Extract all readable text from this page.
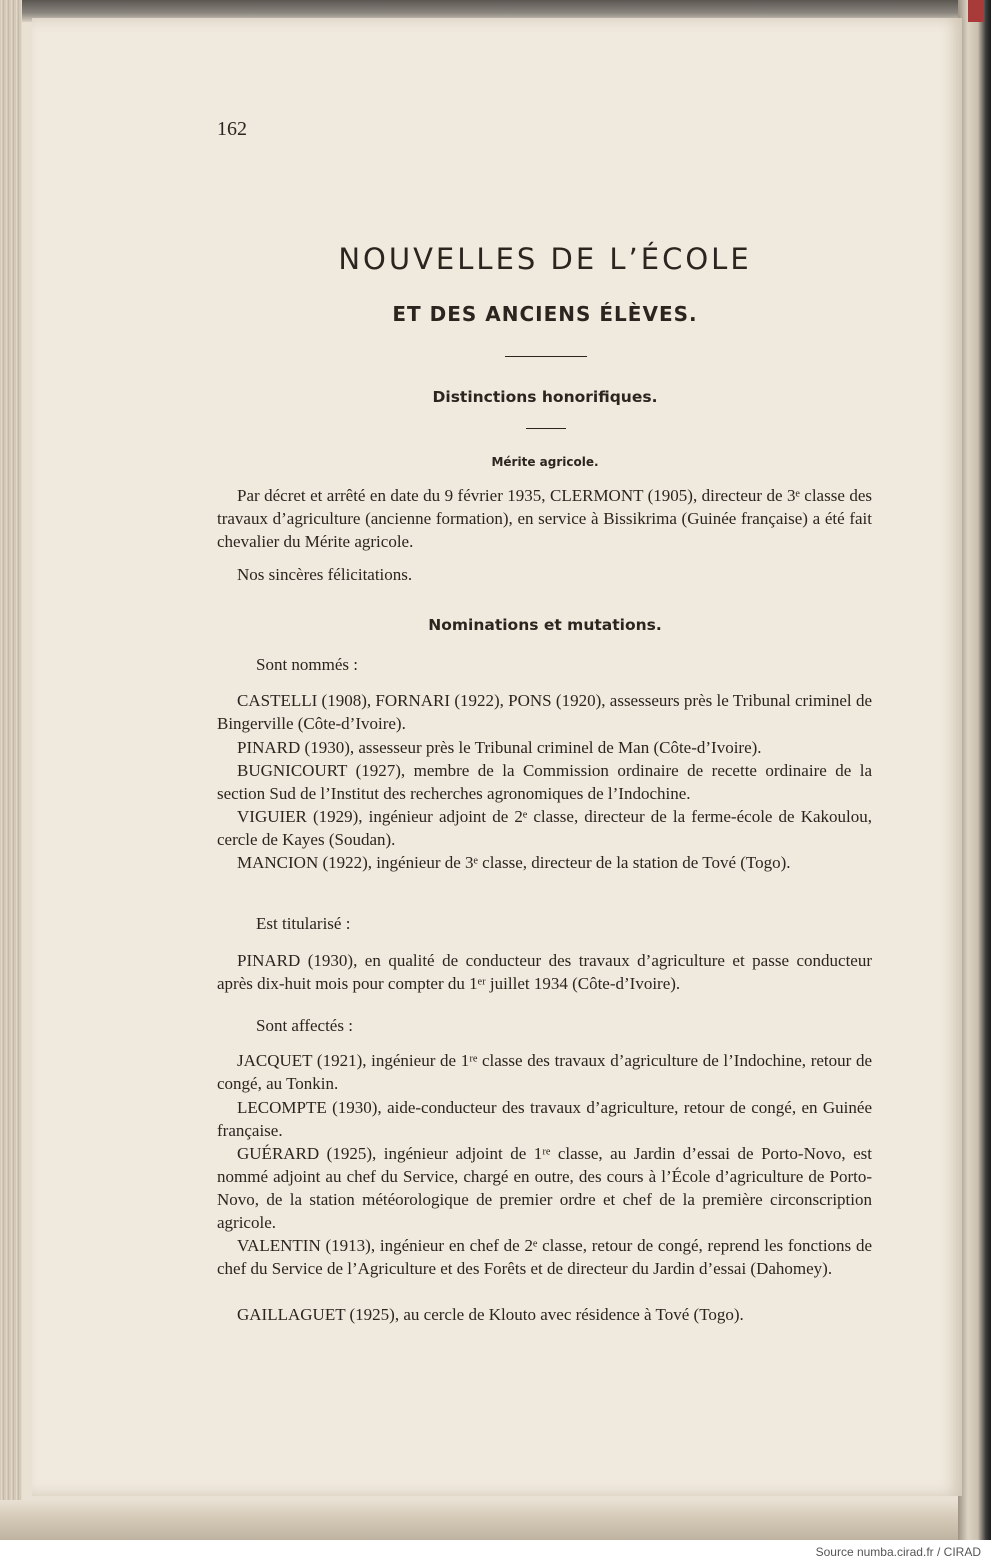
162
NOUVELLES DE L’ÉCOLE
ET DES ANCIENS ÉLÈVES.
Distinctions honorifiques.
Mérite agricole.
Par décret et arrêté en date du 9 février 1935, CLERMONT (1905), directeur de 3ᵉ classe des travaux d’agriculture (ancienne formation), en service à Bissikrima (Guinée française) a été fait chevalier du Mérite agricole.
Nos sincères félicitations.
Nominations et mutations.
Sont nommés :
CASTELLI (1908), FORNARI (1922), PONS (1920), assesseurs près le Tribunal criminel de Bingerville (Côte-d’Ivoire).
PINARD (1930), assesseur près le Tribunal criminel de Man (Côte-d’Ivoire).
BUGNICOURT (1927), membre de la Commission ordinaire de recette ordinaire de la section Sud de l’Institut des recherches agronomiques de l’Indochine.
VIGUIER (1929), ingénieur adjoint de 2ᵉ classe, directeur de la ferme-école de Kakoulou, cercle de Kayes (Soudan).
MANCION (1922), ingénieur de 3ᵉ classe, directeur de la station de Tové (Togo).
Est titularisé :
PINARD (1930), en qualité de conducteur des travaux d’agriculture et passe conducteur après dix-huit mois pour compter du 1ᵉʳ juillet 1934 (Côte-d’Ivoire).
Sont affectés :
JACQUET (1921), ingénieur de 1ʳᵉ classe des travaux d’agriculture de l’Indochine, retour de congé, au Tonkin.
LECOMPTE (1930), aide-conducteur des travaux d’agriculture, retour de congé, en Guinée française.
GUÉRARD (1925), ingénieur adjoint de 1ʳᵉ classe, au Jardin d’essai de Porto-Novo, est nommé adjoint au chef du Service, chargé en outre, des cours à l’École d’agriculture de Porto-Novo, de la station météorologique de premier ordre et chef de la première circonscription agricole.
VALENTIN (1913), ingénieur en chef de 2ᵉ classe, retour de congé, reprend les fonctions de chef du Service de l’Agriculture et des Forêts et de directeur du Jardin d’essai (Dahomey).
GAILLAGUET (1925), au cercle de Klouto avec résidence à Tové (Togo).
Source numba.cirad.fr / CIRAD
